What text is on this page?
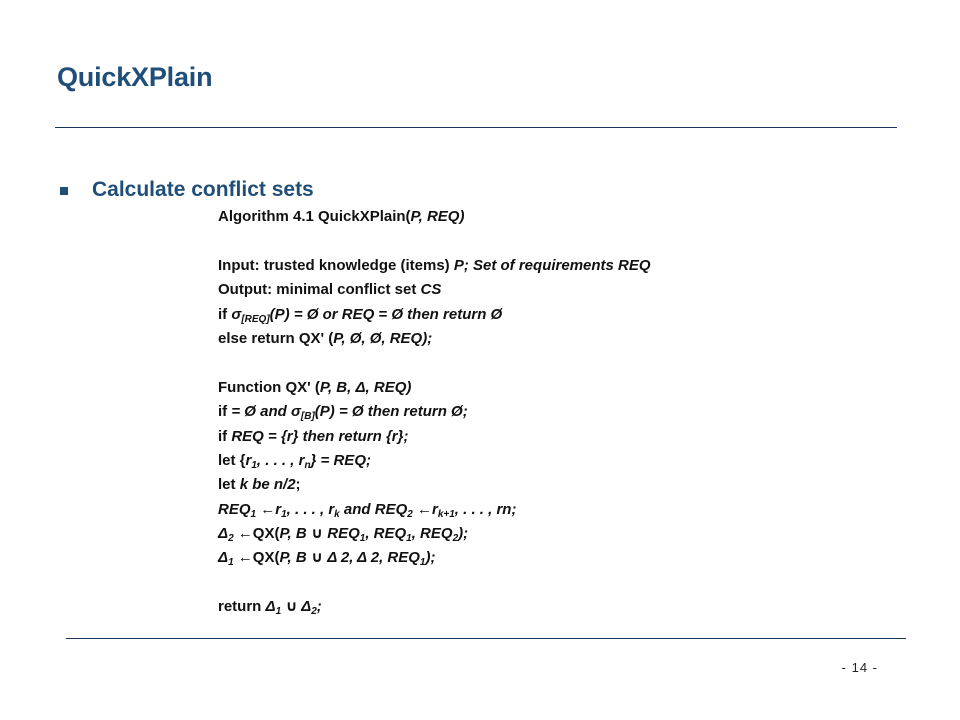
QuickXPlain
Calculate conflict sets
Algorithm 4.1 QuickXPlain(P, REQ)
Input: trusted knowledge (items) P; Set of requirements REQ
Output: minimal conflict set CS
if $\sigma_{[REQ]}(P)$ = Ø or REQ = Ø then return Ø
else return QX' (P, Ø, Ø, REQ);
Function QX' (P, B, Δ, REQ)
if = Ø and $\sigma_{[B]}(P)$ = Ø then return Ø;
if REQ = {r} then return {r};
let {$r_1$, . . . , $r_n$} = REQ;
let k be n/2;
$REQ_1$ $\leftarrow r_1$, . . . , $r_k$ and $REQ_2$ $\leftarrow r_{k+1}$, . . . , rn;
$\Delta_2$ ←QX(P, B ∪ $REQ_1$, $REQ_1$, $REQ_2$);
$\Delta_1$ ←QX(P, B ∪ Δ 2, Δ 2, $REQ_1$);
return $\Delta_1$ ∪ $\Delta_2$;
- 14 -
